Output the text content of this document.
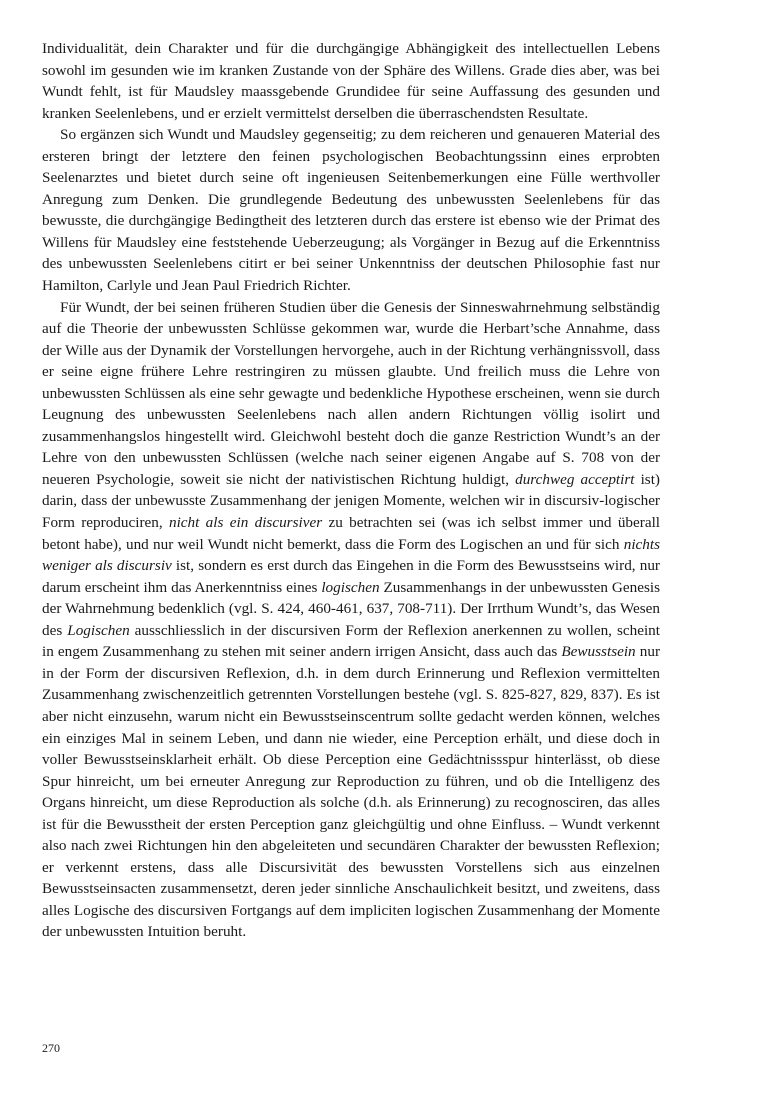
Individualität, dein Charakter und für die durchgängige Abhängigkeit des intellectuellen Lebens sowohl im gesunden wie im kranken Zustande von der Sphäre des Willens. Grade dies aber, was bei Wundt fehlt, ist für Maudsley maassgebende Grundidee für seine Auffassung des gesunden und kranken Seelenlebens, und er erzielt vermittelst derselben die überraschendsten Resultate.

So ergänzen sich Wundt und Maudsley gegenseitig; zu dem reicheren und genaueren Material des ersteren bringt der letztere den feinen psychologischen Beobachtungssinn eines erprobten Seelenarztes und bietet durch seine oft ingenieusen Seitenbemerkungen eine Fülle werthvoller Anregung zum Denken. Die grundlegende Bedeutung des unbewussten Seelenlebens für das bewusste, die durchgängige Bedingtheit des letzteren durch das erstere ist ebenso wie der Primat des Willens für Maudsley eine feststehende Ueberzeugung; als Vorgänger in Bezug auf die Erkenntniss des unbewussten Seelenlebens citirt er bei seiner Unkenntniss der deutschen Philosophie fast nur Hamilton, Carlyle und Jean Paul Friedrich Richter.

Für Wundt, der bei seinen früheren Studien über die Genesis der Sinneswahrnehmung selbständig auf die Theorie der unbewussten Schlüsse gekommen war, wurde die Herbart’sche Annahme, dass der Wille aus der Dynamik der Vorstellungen hervorgehe, auch in der Richtung verhängnissvoll, dass er seine eigne frühere Lehre restringiren zu müssen glaubte. Und freilich muss die Lehre von unbewussten Schlüssen als eine sehr gewagte und bedenkliche Hypothese erscheinen, wenn sie durch Leugnung des unbewussten Seelenlebens nach allen andern Richtungen völlig isolirt und zusammenhangslos hingestellt wird. Gleichwohl besteht doch die ganze Restriction Wundt’s an der Lehre von den unbewussten Schlüssen (welche nach seiner eigenen Angabe auf S. 708 von der neueren Psychologie, soweit sie nicht der nativistischen Richtung huldigt, durchweg acceptirt ist) darin, dass der unbewusste Zusammenhang der jenigen Momente, welchen wir in discursiv-logischer Form reproduciren, nicht als ein discursiver zu betrachten sei (was ich selbst immer und überall betont habe), und nur weil Wundt nicht bemerkt, dass die Form des Logischen an und für sich nichts weniger als discursiv ist, sondern es erst durch das Eingehen in die Form des Bewusstseins wird, nur darum erscheint ihm das Anerkenntniss eines logischen Zusammenhangs in der unbewussten Genesis der Wahrnehmung bedenklich (vgl. S. 424, 460-461, 637, 708-711). Der Irrthum Wundt’s, das Wesen des Logischen ausschliesslich in der discursiven Form der Reflexion anerkennen zu wollen, scheint in engem Zusammenhang zu stehen mit seiner andern irrigen Ansicht, dass auch das Bewusstsein nur in der Form der discursiven Reflexion, d.h. in dem durch Erinnerung und Reflexion vermittelten Zusammenhang zwischenzeitlich getrennten Vorstellungen bestehe (vgl. S. 825-827, 829, 837). Es ist aber nicht einzusehn, warum nicht ein Bewusstseinscentrum sollte gedacht werden können, welches ein einziges Mal in seinem Leben, und dann nie wieder, eine Perception erhält, und diese doch in voller Bewusstseinsklarheit erhält. Ob diese Perception eine Gedächtnissspur hinterlässt, ob diese Spur hinreicht, um bei erneuter Anregung zur Reproduction zu führen, und ob die Intelligenz des Organs hinreicht, um diese Reproduction als solche (d.h. als Erinnerung) zu recognosciren, das alles ist für die Bewusstheit der ersten Perception ganz gleichgültig und ohne Einfluss. – Wundt verkennt also nach zwei Richtungen hin den abgeleiteten und secundären Charakter der bewussten Reflexion; er verkennt erstens, dass alle Discursivität des bewussten Vorstellens sich aus einzelnen Bewusstseinsacten zusammensetzt, deren jeder sinnliche Anschaulichkeit besitzt, und zweitens, dass alles Logische des discursiven Fortgangs auf dem impliciten logischen Zusammenhang der Momente der unbewussten Intuition beruht.

270
